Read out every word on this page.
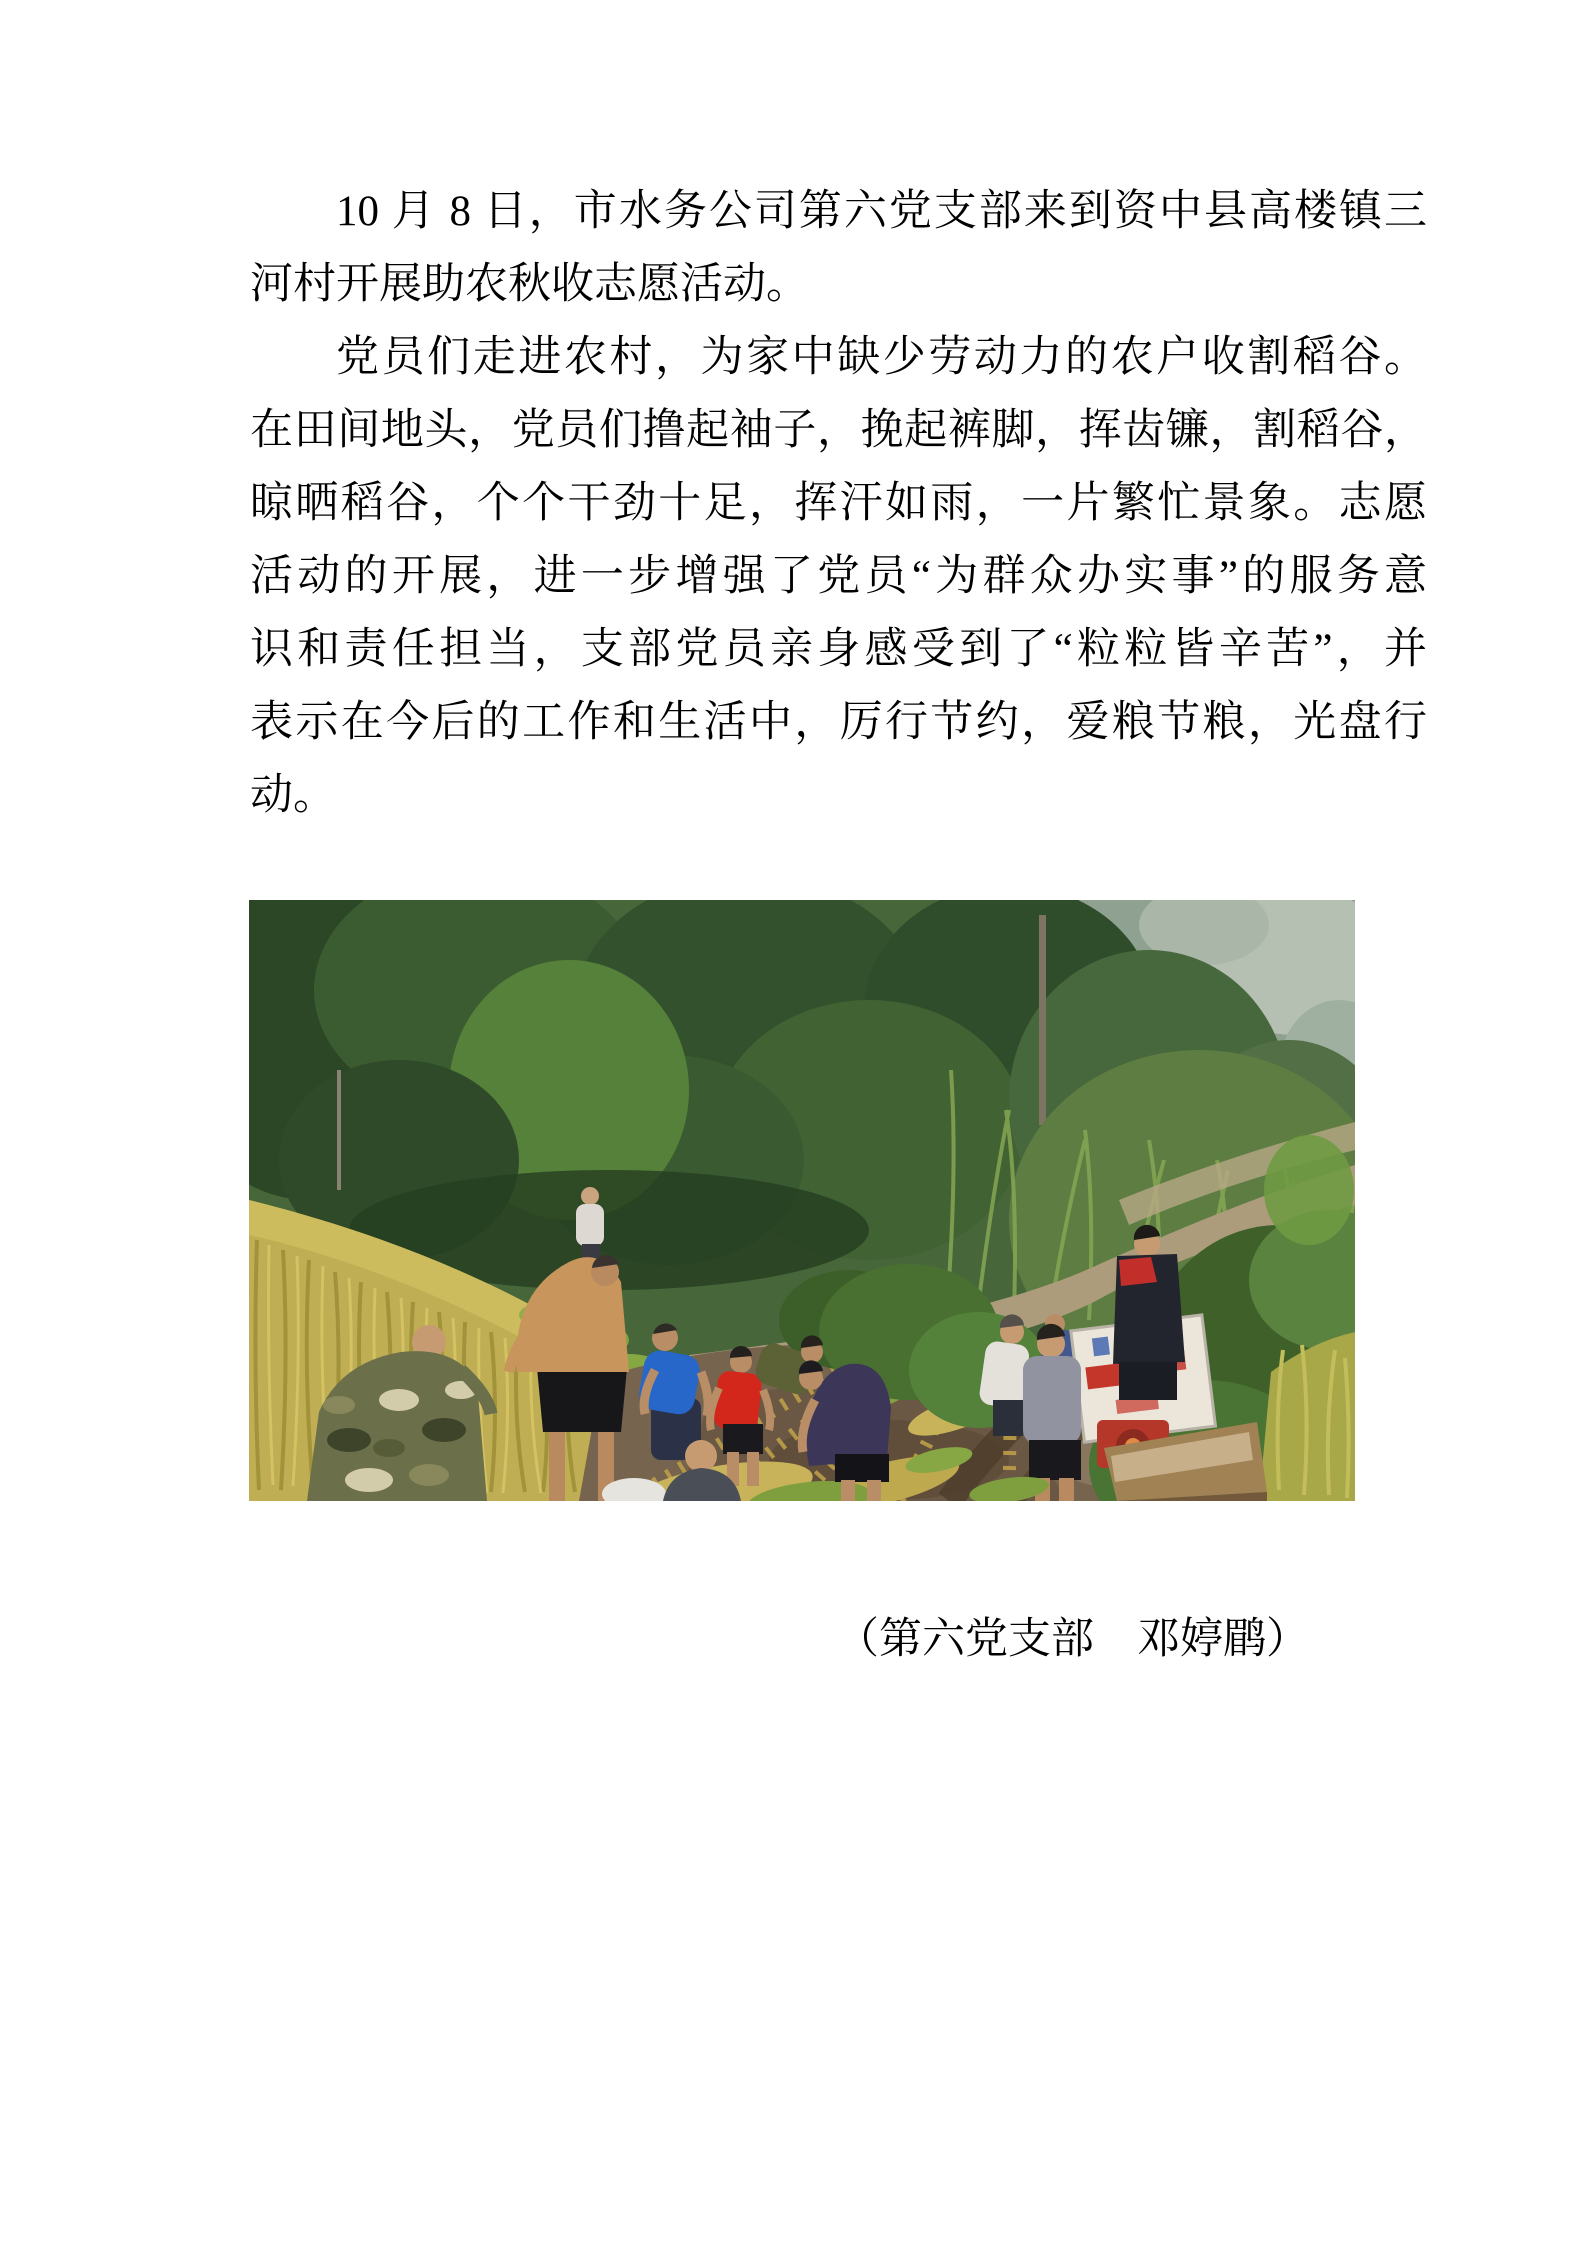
10 月 8 日，市水务公司第六党支部来到资中县高楼镇三
河村开展助农秋收志愿活动。
党员们走进农村，为家中缺少劳动力的农户收割稻谷。
在田间地头，党员们撸起袖子，挽起裤脚，挥齿镰，割稻谷，
晾晒稻谷，个个干劲十足，挥汗如雨，一片繁忙景象。志愿
活动的开展，进一步增强了党员“为群众办实事”的服务意
识和责任担当，支部党员亲身感受到了“粒粒皆辛苦”，并
表示在今后的工作和生活中，厉行节约，爱粮节粮，光盘行
动。
（第六党支部　邓婷鹛）
